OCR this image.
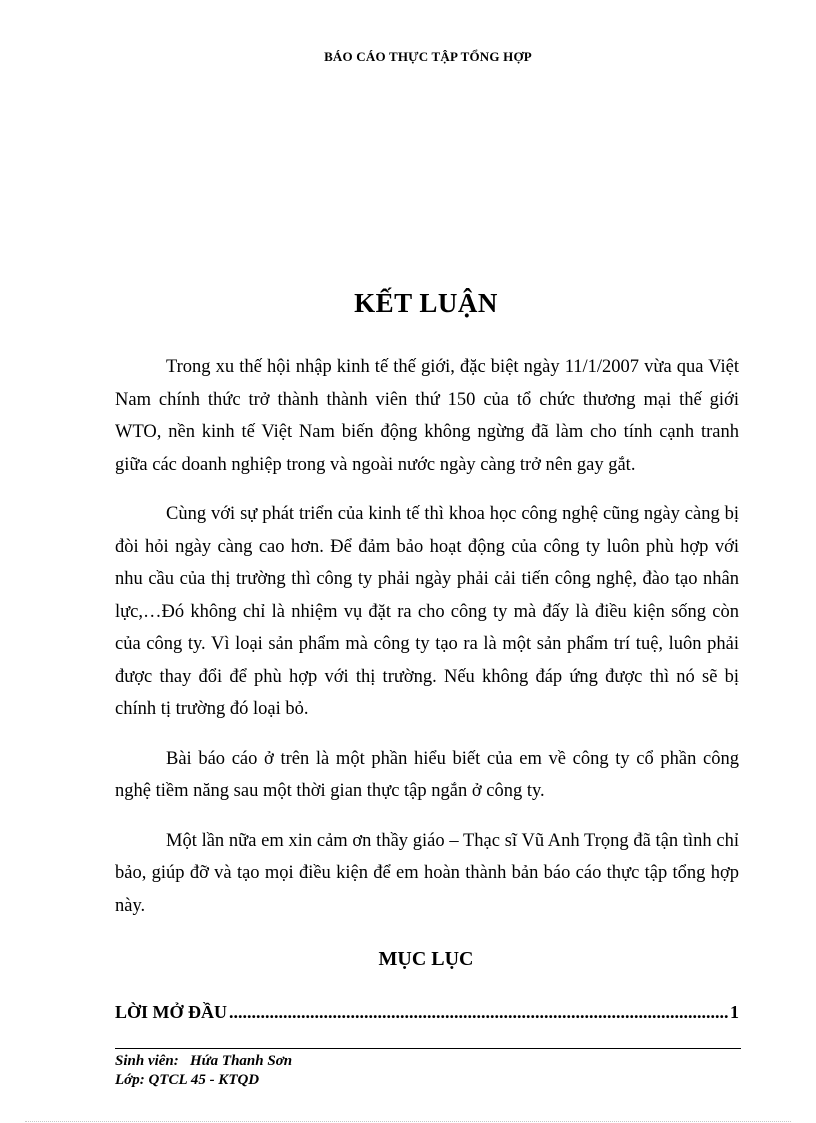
BÁO CÁO THỰC TẬP TỔNG HỢP
KẾT LUẬN

Trong xu thế hội nhập kinh tế thế giới, đặc biệt ngày 11/1/2007 vừa qua Việt Nam chính thức trở thành thành viên thứ 150 của tổ chức thương mại thế giới WTO, nền kinh tế Việt Nam biến động không ngừng đã làm cho tính cạnh tranh giữa các doanh nghiệp trong và ngoài nước ngày càng trở nên gay gắt.

Cùng với sự phát triển của kinh tế thì khoa học công nghệ cũng ngày càng bị đòi hỏi ngày càng cao hơn. Để đảm bảo hoạt động của công ty luôn phù hợp với nhu cầu của thị trường thì công ty phải ngày phải cải tiến công nghệ, đào tạo nhân lực,…Đó không chỉ là nhiệm vụ đặt ra cho công ty mà đấy là điều kiện sống còn của công ty. Vì loại sản phẩm mà công ty tạo ra là một sản phẩm trí tuệ, luôn phải được thay đổi để phù hợp với thị trường. Nếu không đáp ứng được thì nó sẽ bị chính tị trường đó loại bỏ.

Bài báo cáo ở trên là một phần hiểu biết của em về công ty cổ phần công nghệ tiềm năng sau một thời gian thực tập ngắn ở công ty.

Một lần nữa em xin cảm ơn thầy giáo – Thạc sĩ Vũ Anh Trọng đã tận tình chỉ bảo, giúp đỡ và tạo mọi điều kiện để em hoàn thành bản báo cáo thực tập tổng hợp này.

MỤC LỤC
LỜI MỞ ĐẦU
.....	1
Sinh viên:   Hứa Thanh Sơn
Lớp: QTCL 45 - KTQD
